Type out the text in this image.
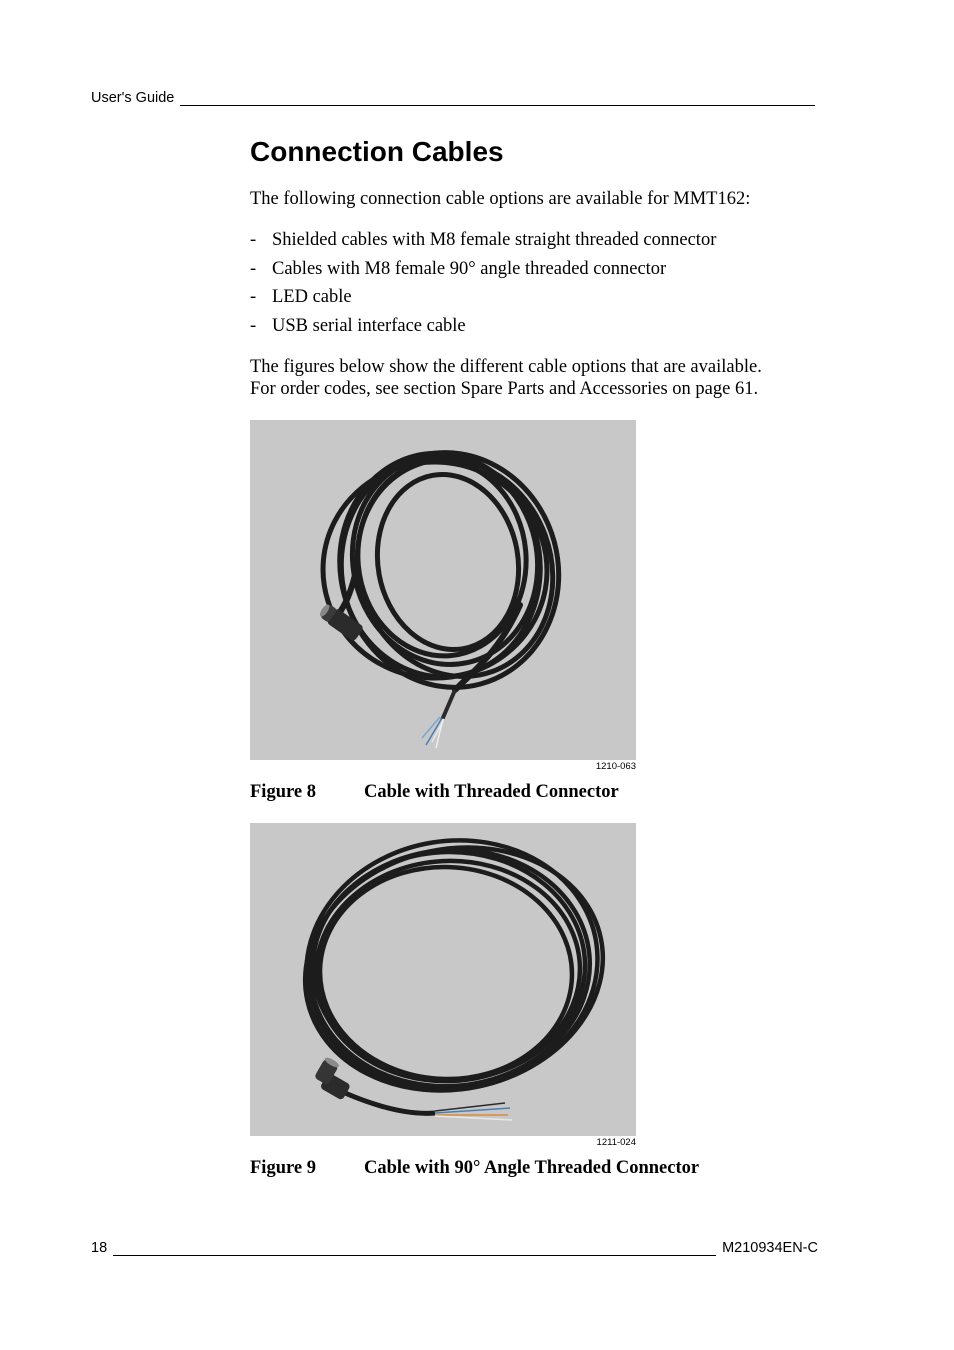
User's Guide
Connection Cables

The following connection cable options are available for MMT162:

- Shielded cables with M8 female straight threaded connector
- Cables with M8 female 90° angle threaded connector
- LED cable
- USB serial interface cable
The figures below show the different cable options that are available.
For order codes, see section Spare Parts and Accessories on page 61.
1210-063
Figure 8	Cable with Threaded Connector
1211-024
Figure 9	Cable with 90° Angle Threaded Connector
18	M210934EN-C
